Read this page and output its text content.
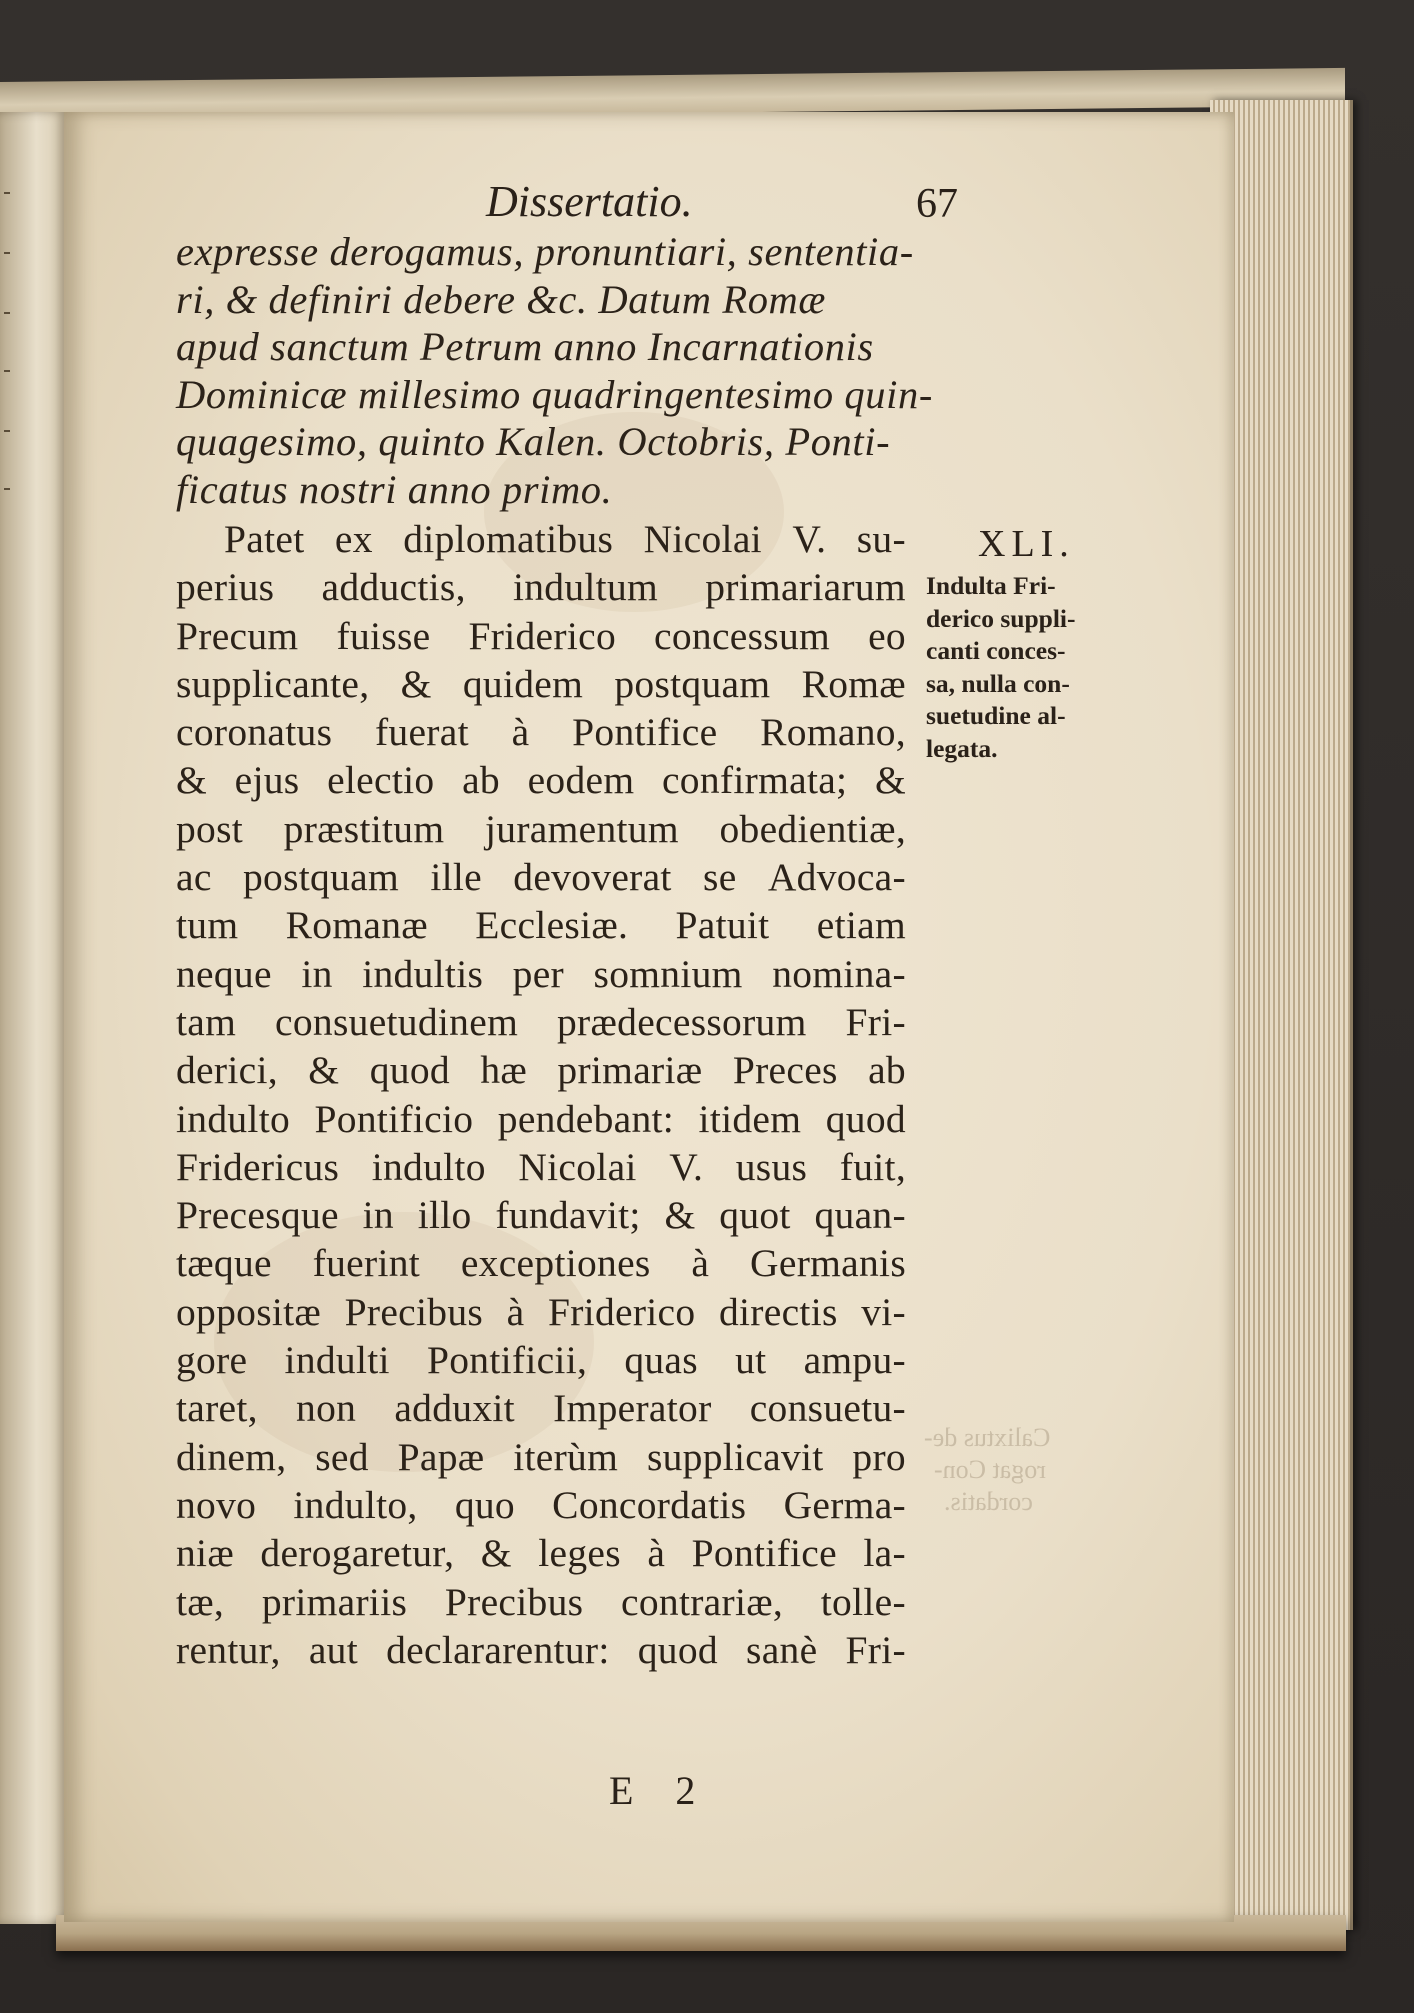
Calixtus de-
rogat Con-
cordatis.
Dissertatio.	67
expresse derogamus, pronuntiari, sententia-
ri, & definiri debere &c. Datum Romæ
apud sanctum Petrum anno Incarnationis
Dominicæ millesimo quadringentesimo quin-
quagesimo, quinto Kalen. Octobris, Ponti-
ficatus nostri anno primo.
Patet ex diplomatibus Nicolai V. su-
perius adductis, indultum primariarum
Precum fuisse Friderico concessum eo
supplicante, & quidem postquam Romæ
coronatus fuerat à Pontifice Romano,
& ejus electio ab eodem confirmata; &
post præstitum juramentum obedientiæ,
ac postquam ille devoverat se Advoca-
tum Romanæ Ecclesiæ. Patuit etiam
neque in indultis per somnium nomina-
tam consuetudinem prædecessorum Fri-
derici, & quod hæ primariæ Preces ab
indulto Pontificio pendebant: itidem quod
Fridericus indulto Nicolai V. usus fuit,
Precesque in illo fundavit; & quot quan-
tæque fuerint exceptiones à Germanis
oppositæ Precibus à Friderico directis vi-
gore indulti Pontificii, quas ut ampu-
taret, non adduxit Imperator consuetu-
dinem, sed Papæ iterùm supplicavit pro
novo indulto, quo Concordatis Germa-
niæ derogaretur, & leges à Pontifice la-
tæ, primariis Precibus contrariæ, tolle-
rentur, aut declararentur: quod sanè Fri-
E 2
XLI.
Indulta Fri-
derico suppli-
canti conces-
sa, nulla con-
suetudine al-
legata.
